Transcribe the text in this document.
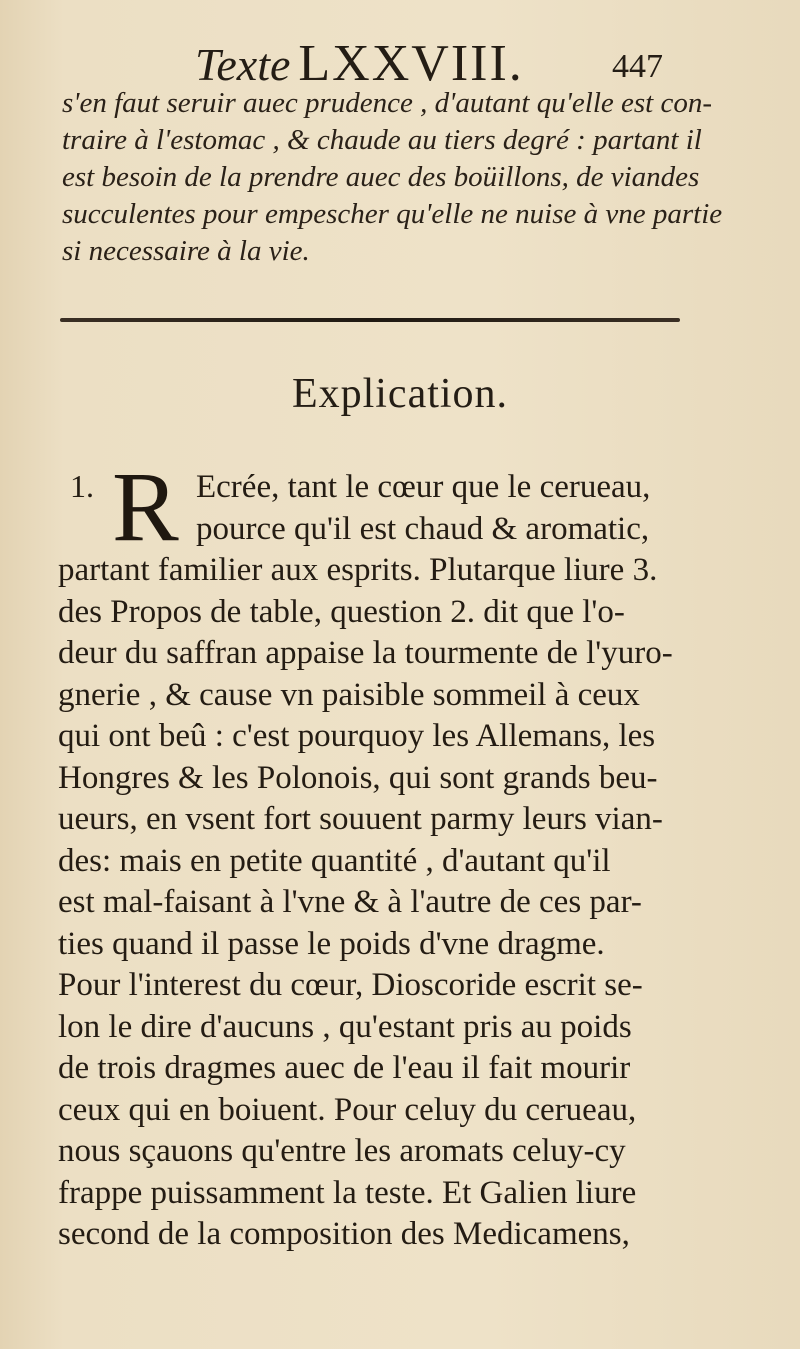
Texte LXXVIII.	447
s'en faut seruir auec prudence , d'autant qu'elle est con-
traire à l'estomac , & chaude au tiers degré : partant il
est besoin de la prendre auec des boüillons, de viandes
succulentes pour empescher qu'elle ne nuise à vne partie
si necessaire à la vie.
Explication.
1. R Ecrée, tant le cœur que le cerueau,
pource qu'il est chaud & aromatic,
partant familier aux esprits. Plutarque liure 3.
des Propos de table, question 2. dit que l'o-
deur du saffran appaise la tourmente de l'yuro-
gnerie , & cause vn paisible sommeil à ceux
qui ont beû : c'est pourquoy les Allemans, les
Hongres & les Polonois, qui sont grands beu-
ueurs, en vsent fort souuent parmy leurs vian-
des: mais en petite quantité , d'autant qu'il
est mal-faisant à l'vne & à l'autre de ces par-
ties quand il passe le poids d'vne dragme.
Pour l'interest du cœur, Dioscoride escrit se-
lon le dire d'aucuns , qu'estant pris au poids
de trois dragmes auec de l'eau il fait mourir
ceux qui en boiuent. Pour celuy du cerueau,
nous sçauons qu'entre les aromats celuy-cy
frappe puissamment la teste. Et Galien liure
second de la composition des Medicamens,
